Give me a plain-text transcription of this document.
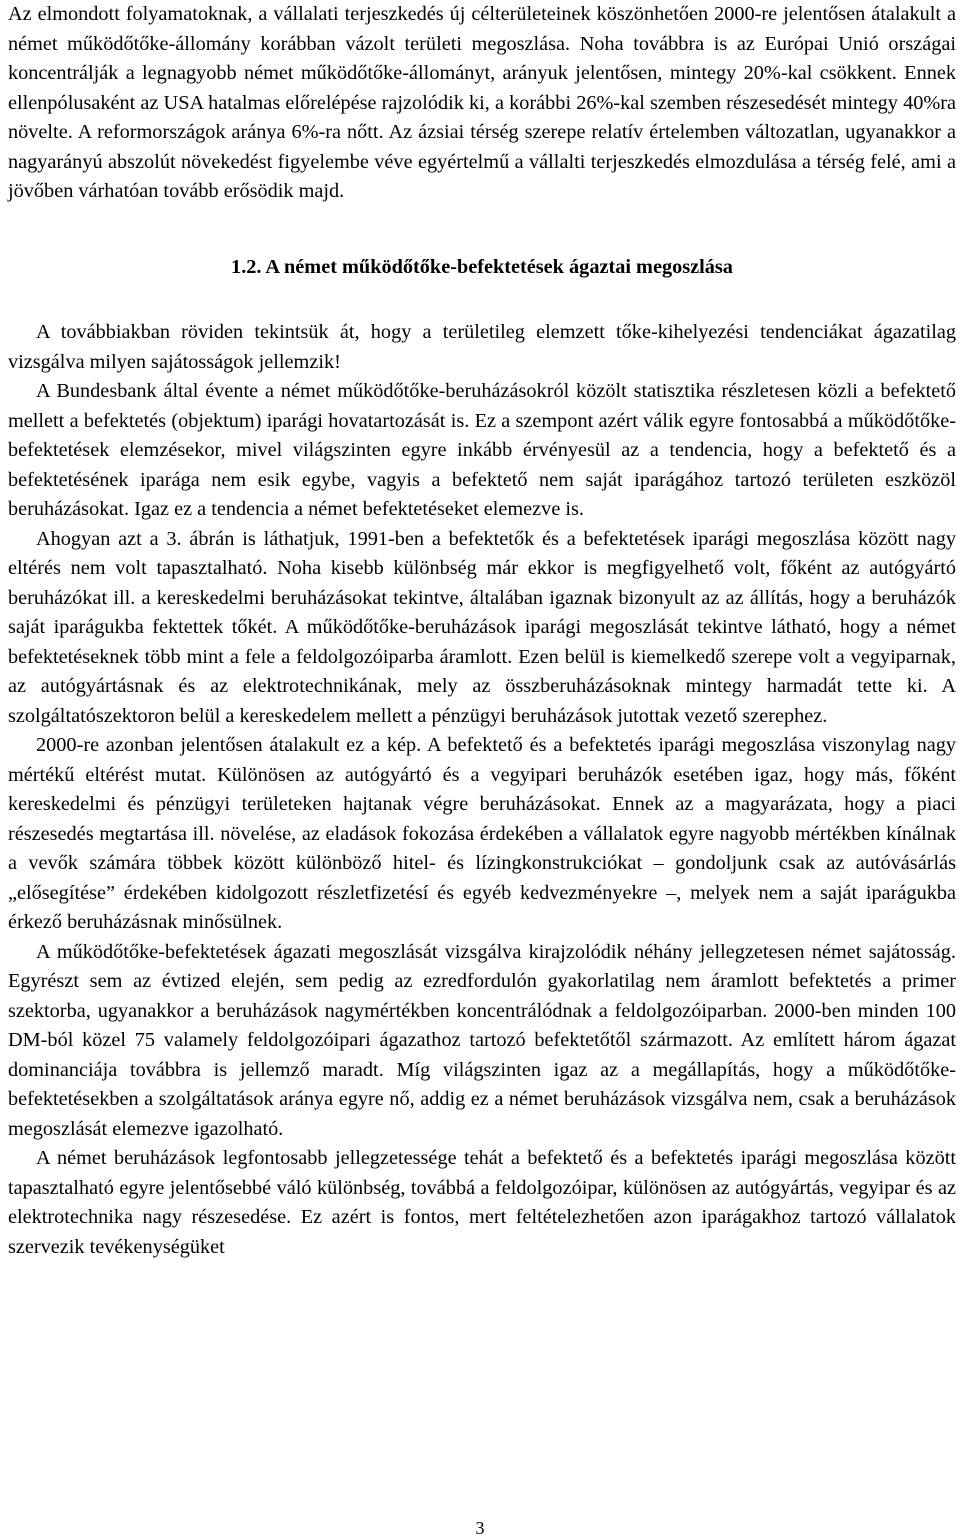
Az elmondott folyamatoknak, a vállalati terjeszkedés új célterületeinek köszönhetően 2000-re jelentősen átalakult a német működőtőke-állomány korábban vázolt területi megoszlása. Noha továbbra is az Európai Unió országai koncentrálják a legnagyobb német működőtőke-állományt, arányuk jelentősen, mintegy 20%-kal csökkent. Ennek ellenpólusaként az USA hatalmas előrelépése rajzolódik ki, a korábbi 26%-kal szemben részesedését mintegy 40%ra növelte. A reformországok aránya 6%-ra nőtt. Az ázsiai térség szerepe relatív értelemben változatlan, ugyanakkor a nagyarányú abszolút növekedést figyelembe véve egyértelmű a vállalti terjeszkedés elmozdulása a térség felé, ami a jövőben várhatóan tovább erősödik majd.

1.2. A német működőtőke-befektetések ágaztai megoszlása

A továbbiakban röviden tekintsük át, hogy a területileg elemzett tőke-kihelyezési tendenciákat ágazatilag vizsgálva milyen sajátosságok jellemzik!

A Bundesbank által évente a német működőtőke-beruházásokról közölt statisztika részletesen közli a befektető mellett a befektetés (objektum) iparági hovatartozását is. Ez a szempont azért válik egyre fontosabbá a működőtőke-befektetések elemzésekor, mivel világszinten egyre inkább érvényesül az a tendencia, hogy a befektető és a befektetésének iparága nem esik egybe, vagyis a befektető nem saját iparágához tartozó területen eszközöl beruházásokat. Igaz ez a tendencia a német befektetéseket elemezve is.

Ahogyan azt a 3. ábrán is láthatjuk, 1991-ben a befektetők és a befektetések iparági megoszlása között nagy eltérés nem volt tapasztalható. Noha kisebb különbség már ekkor is megfigyelhető volt, főként az autógyártó beruházókat ill. a kereskedelmi beruházásokat tekintve, általában igaznak bizonyult az az állítás, hogy a beruházók saját iparágukba fektettek tőkét. A működőtőke-beruházások iparági megoszlását tekintve látható, hogy a német befektetéseknek több mint a fele a feldolgozóiparba áramlott. Ezen belül is kiemelkedő szerepe volt a vegyiparnak, az autógyártásnak és az elektrotechnikának, mely az összberuházásoknak mintegy harmadát tette ki. A szolgáltatószektoron belül a kereskedelem mellett a pénzügyi beruházások jutottak vezető szerephez.

2000-re azonban jelentősen átalakult ez a kép. A befektető és a befektetés iparági megoszlása viszonylag nagy mértékű eltérést mutat. Különösen az autógyártó és a vegyipari beruházók esetében igaz, hogy más, főként kereskedelmi és pénzügyi területeken hajtanak végre beruházásokat. Ennek az a magyarázata, hogy a piaci részesedés megtartása ill. növelése, az eladások fokozása érdekében a vállalatok egyre nagyobb mértékben kínálnak a vevők számára többek között különböző hitel- és lízingkonstrukciókat – gondoljunk csak az autóvásárlás „elősegítése” érdekében kidolgozott részletfizetésí és egyéb kedvezményekre –, melyek nem a saját iparágukba érkező beruházásnak minősülnek.

A működőtőke-befektetések ágazati megoszlását vizsgálva kirajzolódik néhány jellegzetesen német sajátosság. Egyrészt sem az évtized elején, sem pedig az ezredfordulón gyakorlatilag nem áramlott befektetés a primer szektorba, ugyanakkor a beruházások nagymértékben koncentrálódnak a feldolgozóiparban. 2000-ben minden 100 DM-ból közel 75 valamely feldolgozóipari ágazathoz tartozó befektetőtől származott. Az említett három ágazat dominanciája továbbra is jellemző maradt. Míg világszinten igaz az a megállapítás, hogy a működőtőke-befektetésekben a szolgáltatások aránya egyre nő, addig ez a német beruházások vizsgálva nem, csak a beruházások megoszlását elemezve igazolható.

A német beruházások legfontosabb jellegzetessége tehát a befektető és a befektetés iparági megoszlása között tapasztalható egyre jelentősebbé váló különbség, továbbá a feldolgozóipar, különösen az autógyártás, vegyipar és az elektrotechnika nagy részesedése. Ez azért is fontos, mert feltételezhetően azon iparágakhoz tartozó vállalatok szervezik tevékenységüket

3
